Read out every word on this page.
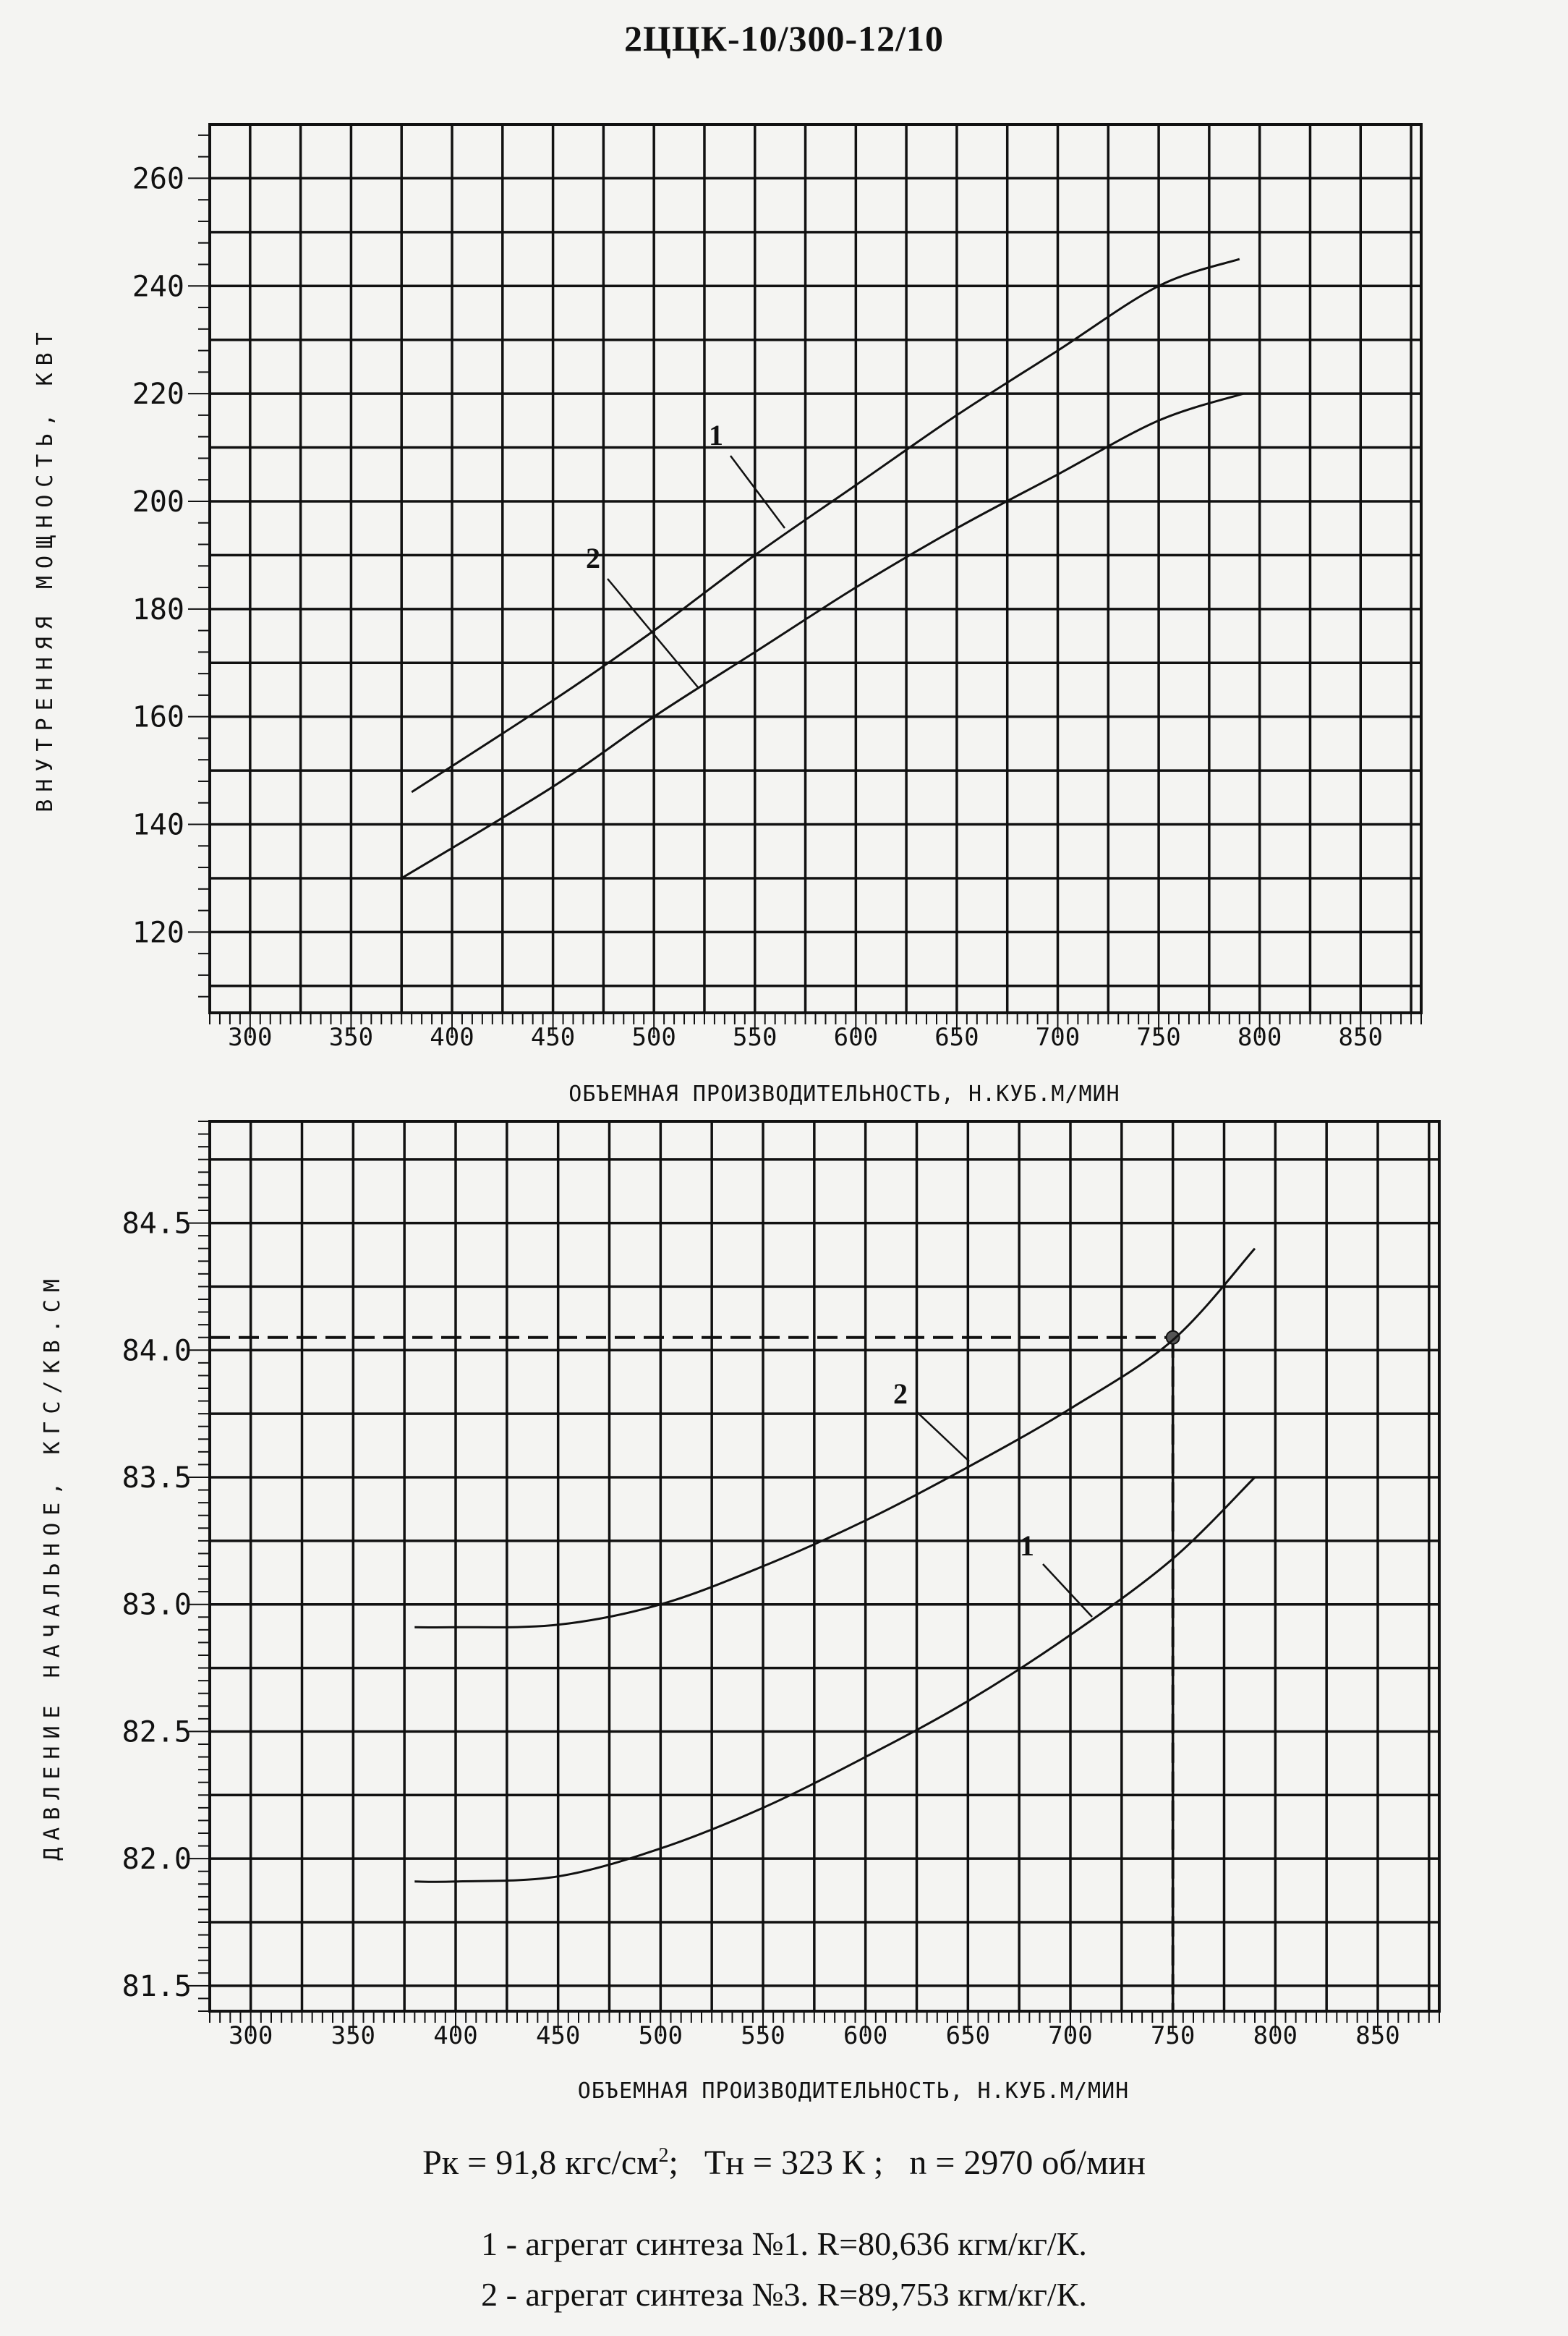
2ЦЦК-10/300-12/10
120
140
160
180
200
220
240
260
300 350 400 450 500 550 600 650 700 750 800 850
1
2
ОБЪЕМНАЯ ПРОИЗВОДИТЕЛЬНОСТЬ, Н.КУБ.М/МИН
ВНУТРЕННЯЯ МОЩНОСТЬ, КВТ
81.5
82.0
82.5
83.0
83.5
84.0
84.5
300 350 400 450 500 550 600 650 700 750 800 850
2
1
ОБЪЕМНАЯ ПРОИЗВОДИТЕЛЬНОСТЬ, Н.КУБ.М/МИН
ДАВЛЕНИЕ НАЧАЛЬНОЕ, КГС/КВ.СМ
Рк = 91,8 кгс/$см^2$; Тн = 323 К ; n = 2970 об/мин
1 - агрегат синтеза №1. R=80,636 кгм/кг/К.
2 - агрегат синтеза №3. R=89,753 кгм/кг/К.
